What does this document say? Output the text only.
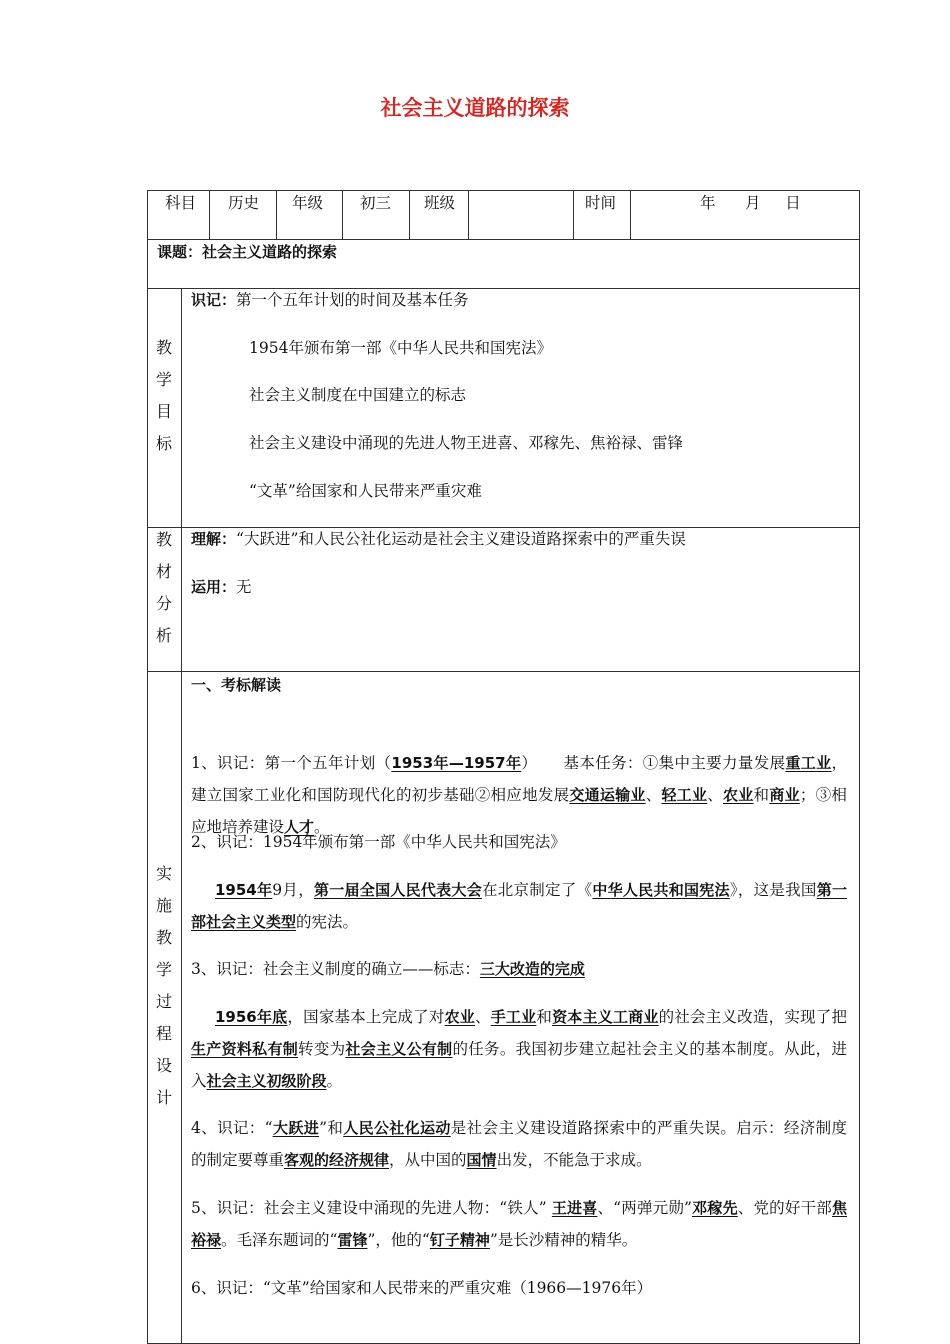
社会主义道路的探索
科目 历史 年级 初三 班级	时间	年      月     日
课题：社会主义道路的探索
教
学
目
标
识记：第一个五年计划的时间及基本任务
1954年颁布第一部《中华人民共和国宪法》
社会主义制度在中国建立的标志
社会主义建设中涌现的先进人物王进喜、邓稼先、焦裕禄、雷锋
“文革”给国家和人民带来严重灾难
教
材
分
析
理解：“大跃进”和人民公社化运动是社会主义建设道路探索中的严重失误
运用：无
实
施
教
学
过
程
设
计
一、考标解读

1、识记：第一个五年计划（1953年—1957年）     基本任务：①集中主要力量发展重工业，建立国家工业化和国防现代化的初步基础②相应地发展交通运输业、轻工业、农业和商业；③相应地培养建设人才。
2、识记：1954年颁布第一部《中华人民共和国宪法》
1954年9月，第一届全国人民代表大会在北京制定了《中华人民共和国宪法》，这是我国第一部社会主义类型的宪法。
3、识记：社会主义制度的确立——标志：三大改造的完成
1956年底，国家基本上完成了对农业、手工业和资本主义工商业的社会主义改造，实现了把生产资料私有制转变为社会主义公有制的任务。我国初步建立起社会主义的基本制度。从此，进入社会主义初级阶段。
4、识记：“大跃进”和人民公社化运动是社会主义建设道路探索中的严重失误。启示：经济制度的制定要尊重客观的经济规律，从中国的国情出发，不能急于求成。
5、识记：社会主义建设中涌现的先进人物：“铁人” 王进喜、“两弹元勋”邓稼先、党的好干部焦裕禄。毛泽东题词的“雷锋”，他的“钉子精神”是长沙精神的精华。
6、识记：“文革”给国家和人民带来的严重灾难（1966—1976年）
